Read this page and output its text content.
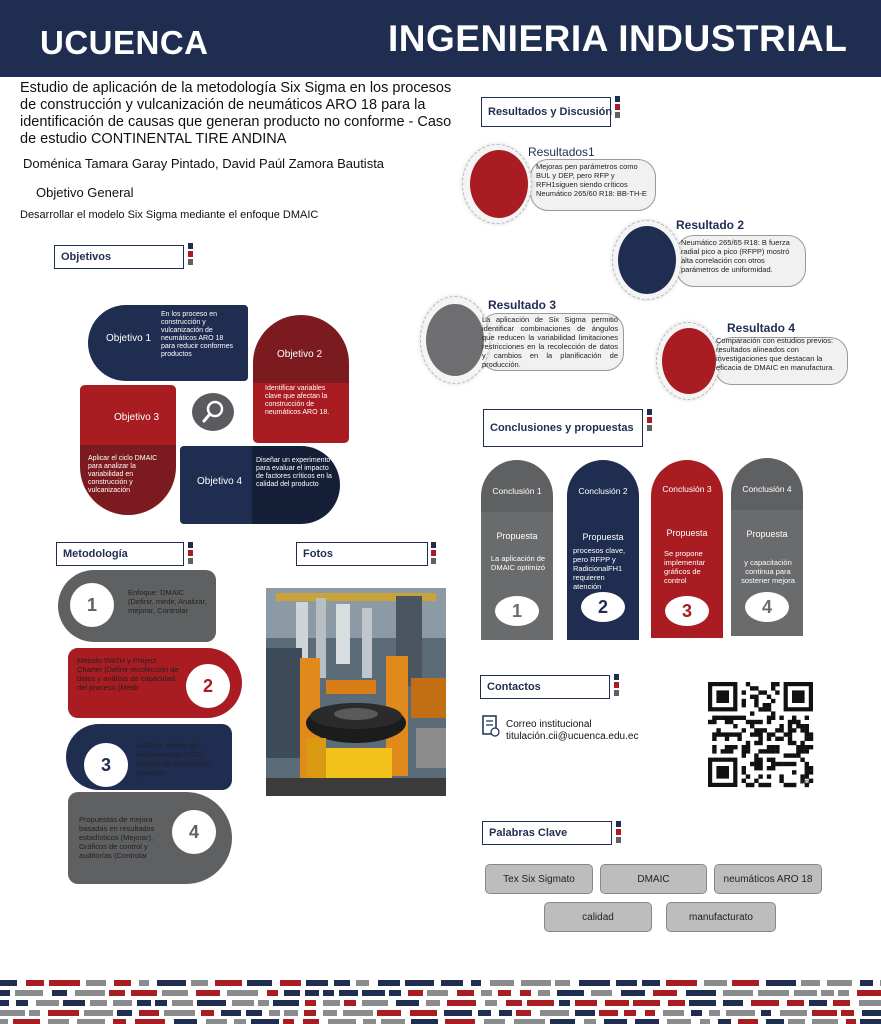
UCUENCA	INGENIERIA INDUSTRIAL
Estudio de aplicación de la metodología Six Sigma en los procesos de construcción y vulcanización de neumáticos ARO 18 para la identificación de causas que generan producto no conforme - Caso de estudio CONTINENTAL TIRE ANDINA
Doménica Tamara Garay Pintado, David Paúl Zamora Bautista
Objetivo General
Desarrollar el modelo Six Sigma mediante el enfoque DMAIC
Objetivos
Objetivo 1
En los proceso en construcción y vulcanización de neumáticos ARO 18 para reducir conformes productos	Objetivo 2
Identificar variables clave que afectan la construcción de neumáticos ARO 18.
Objetivo 3
Aplicar el ciclo DMAIC para analizar la variabilidad en construcción y vulcanización
Objetivo 4
Diseñar un experimento para evaluar el impacto de factores críticos en la calidad del producto
Metodología
1
Enfoque: DMAIC (Definir, medir, Analizar, mejorar, Controlar
2
Método 5W2H y Project Charter (Definir recolección de datos y análisis de capacidad del proceso (Medir
3
ANOVA, diseño de experimentos (DOE), análisis de correlación (Analizar
4
Propuestas de mejora basadas en resultados estadísticos (Mejorar), Gráficos de control y auditorías (Controlar
Fotos
Resultados y Discusión
Resultados1
Mejoras pen parámetros como BUL y DEP, pero RFP y RFH1siguen siendo críticos Neumático 265/60 R18: BB-TH-E
Resultado 2
Neumático 265/65 R18: B fuerza radial pico a pico (RFPP) mostró alta correlación con otros parámetros de uniformidad.
Resultado 3
La aplicación de Six Sigma permitió identificar combinaciones de ángulos que reducen la variabilidad limitaciones restricciones en la recolección de datos y cambios en la planificación de producción.
Resultado 4
Comparación con estudios previos: resultados alineados con investigaciones que destacan la eficacia de DMAIC en manufactura.
Conclusiones y propuestas
Conclusión 1
Propuesta
La aplicación de DMAIC optimizó
1
Conclusión 2
Propuesta
procesos clave, pero RFPP y RadicionalFH1 requieren atención
2
Conclusión 3
Propuesta
Se propone implementar gráficos de control
3
Conclusión 4
Propuesta
y capacitación continua para sostener mejora
4
Contactos
Correo institucional
titulación.cii@ucuenca.edu.ec
bitly
Palabras Clave
Tex Six Sigmato	DMAIC	neumáticos ARO 18
calidad	manufacturato
